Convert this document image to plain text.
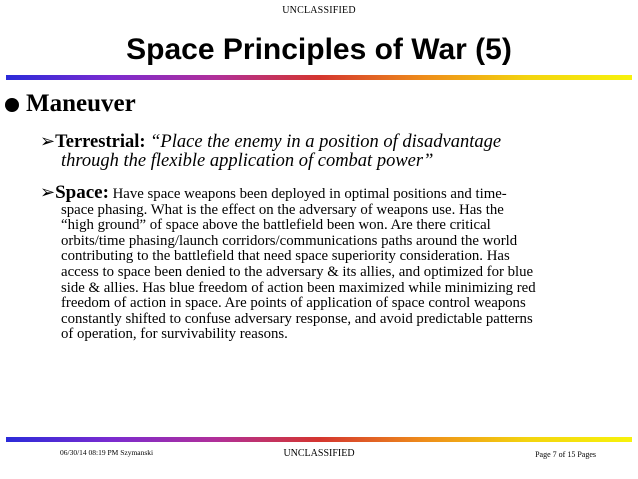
UNCLASSIFIED
Space Principles of War (5)
Maneuver
➢Terrestrial: “Place the enemy in a position of disadvantage
through the flexible application of combat power”
➢Space: Have space weapons been deployed in optimal positions and time-
space phasing. What is the effect on the adversary of weapons use. Has the
“high ground” of space above the battlefield been won. Are there critical
orbits/time phasing/launch corridors/communications paths around the world
contributing to the battlefield that need space superiority consideration. Has
access to space been denied to the adversary & its allies, and optimized for blue
side & allies. Has blue freedom of action been maximized while minimizing red
freedom of action in space. Are points of application of space control weapons
constantly shifted to confuse adversary response, and avoid predictable patterns
of operation, for survivability reasons.
06/30/14 08:19 PM Szymanski	UNCLASSIFIED	Page 7 of 15 Pages
